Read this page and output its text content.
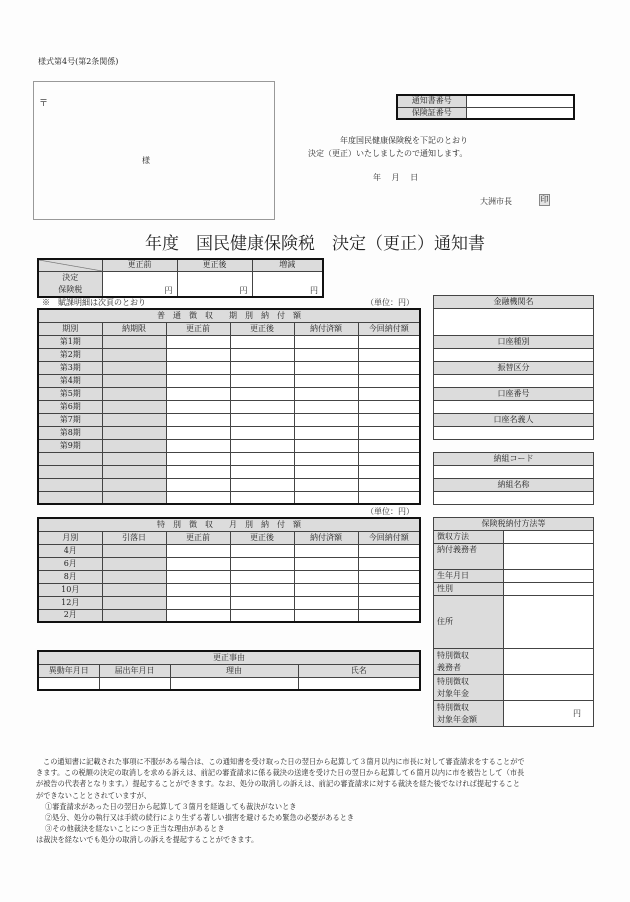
様式第4号(第2条関係)
〒
様
通知書番号	
保険証番号	
年度国民健康保険税を下記のとおり
決定（更正）いたしましたので通知します。
年 月 日
大洲市長	印
年度　国民健康保険税　決定（更正）通知書
	更正前	更正後	増減

決定
保険税	円	円	円
※　賦課明細は次頁のとおり	（単位：円）
普　通　徴　収　　期　別　納　付　額					
期別	納期限	更正前	更正後	納付済額	今回納付額
第1期					
第2期					
第3期					
第4期					
第5期					
第6期					
第7期					
第8期					
第9期					

（単位：円）
特　別　徴　収　　月　別　納　付　額					
月別	引落日	更正前	更正後	納付済額	今回納付額
4月					
6月					
8月					
10月					
12月					
2月					
金融機関名

口座種別

振替区分

口座番号

口座名義人

納組コード

納組名称

保険税納付方法等	
徴収方法	
納付義務者	
生年月日	
性別	
住所	

特別徴収
義務者	

特別徴収
対象年金	

特別徴収
対象年金額	円
更正事由			
異動年月日	届出年月日	理由	氏名

この通知書に記載された事項に不服がある場合は、この通知書を受け取った日の翌日から起算して３箇月以内に市長に対して審査請求をすることがで

きます。この税額の決定の取消しを求める訴えは、前記の審査請求に係る裁決の送達を受けた日の翌日から起算して６箇月以内に市を被告として（市長

が被告の代表者となります。）提起することができます。なお、処分の取消しの訴えは、前記の審査請求に対する裁決を経た後でなければ提起すること

ができないこととされていますが、

①審査請求があった日の翌日から起算して３箇月を経過しても裁決がないとき

②処分、処分の執行又は手続の続行により生ずる著しい損害を避けるため緊急の必要があるとき

③その他裁決を経ないことにつき正当な理由があるとき

は裁決を経ないでも処分の取消しの訴えを提起することができます。
